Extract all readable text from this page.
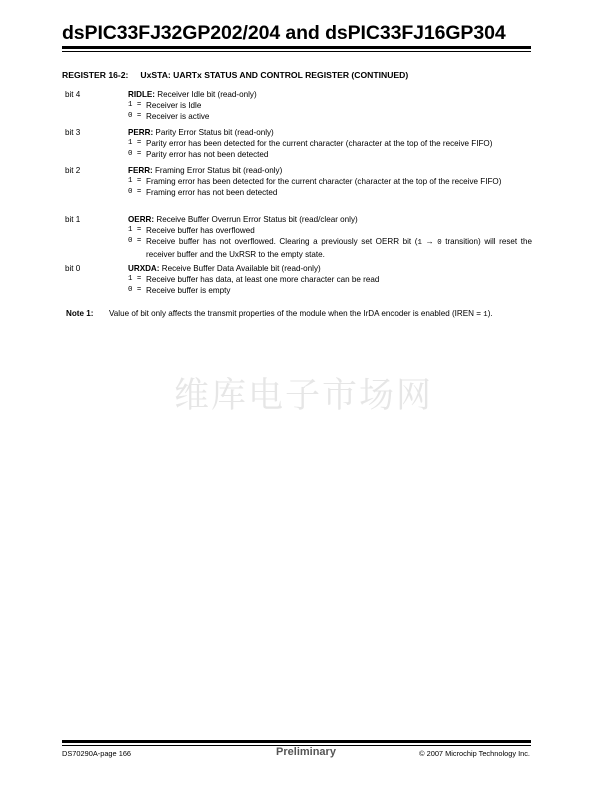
dsPIC33FJ32GP202/204 and dsPIC33FJ16GP304
REGISTER 16-2: UxSTA: UARTx STATUS AND CONTROL REGISTER (CONTINUED)
bit 4	RIDLE: Receiver Idle bit (read-only)
1 = Receiver is Idle
0 = Receiver is active
bit 3	PERR: Parity Error Status bit (read-only)
1 = Parity error has been detected for the current character (character at the top of the receive FIFO)
0 = Parity error has not been detected
bit 2	FERR: Framing Error Status bit (read-only)
1 = Framing error has been detected for the current character (character at the top of the receive FIFO)
0 = Framing error has not been detected
bit 1	OERR: Receive Buffer Overrun Error Status bit (read/clear only)
1 = Receive buffer has overflowed
0 = Receive buffer has not overflowed. Clearing a previously set OERR bit (1 → 0 transition) will reset the receiver buffer and the UxRSR to the empty state.
bit 0	URXDA: Receive Buffer Data Available bit (read-only)
1 = Receive buffer has data, at least one more character can be read
0 = Receive buffer is empty
Note 1: Value of bit only affects the transmit properties of the module when the IrDA encoder is enabled (IREN = 1).
维库电子市场网
DS70290A-page 166	Preliminary	© 2007 Microchip Technology Inc.
